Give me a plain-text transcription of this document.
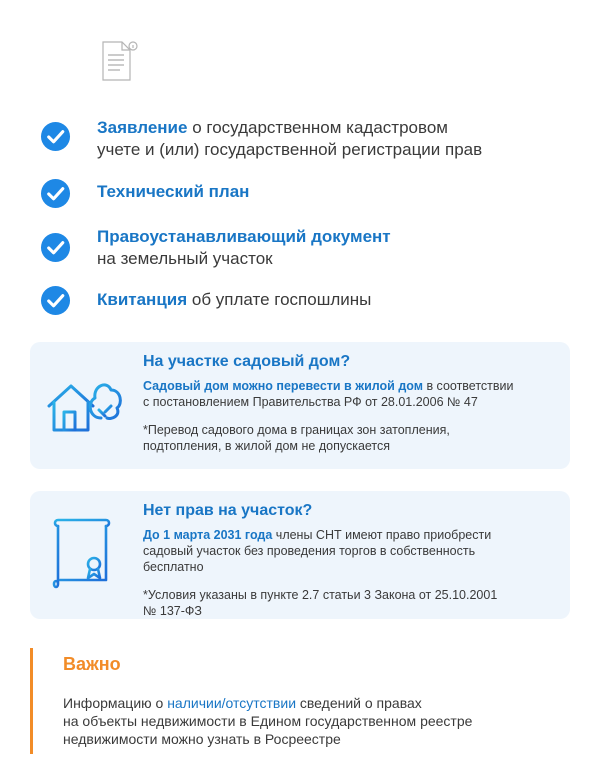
Заявление о государственном кадастровом
учете и (или) государственной регистрации прав
Технический план
Правоустанавливающий документ
на земельный участок
Квитанция об уплате госпошлины
На участке садовый дом?
Садовый дом можно перевести в жилой дом в соответствии
с постановлением Правительства РФ от 28.01.2006 № 47
*Перевод садового дома в границах зон затопления,
подтопления, в жилой дом не допускается
Нет прав на участок?
До 1 марта 2031 года члены СНТ имеют право приобрести
садовый участок без проведения торгов в собственность
бесплатно
*Условия указаны в пункте 2.7 статьи 3 Закона от 25.10.2001
№ 137-ФЗ
Важно
Информацию о наличии/отсутствии сведений о правах
на объекты недвижимости в Едином государственном реестре
недвижимости можно узнать в Росреестре
